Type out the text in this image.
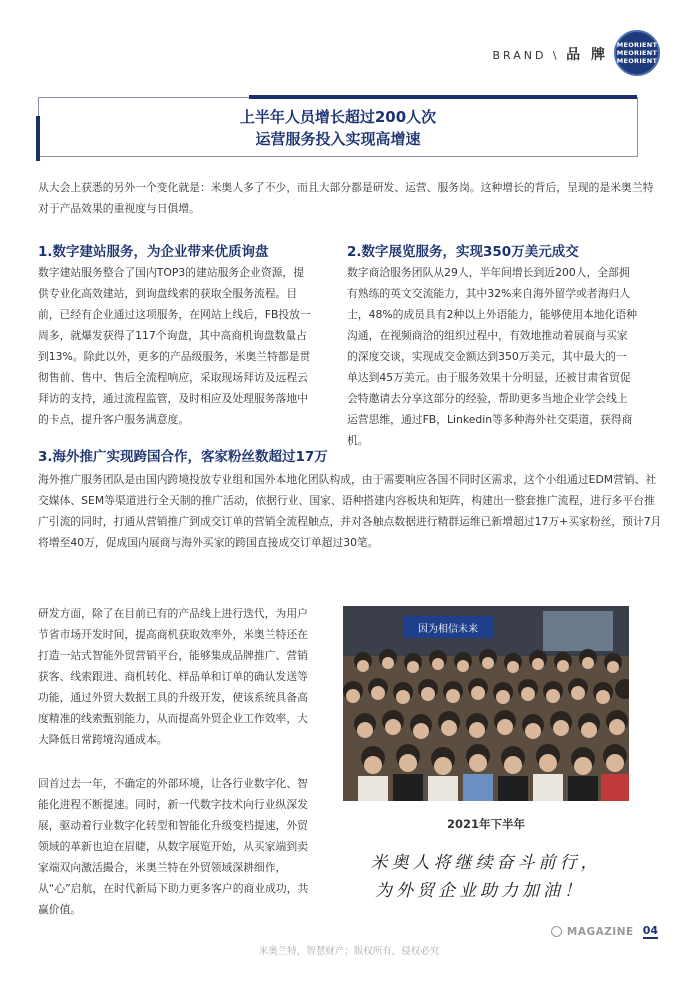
BRAND \ 品 牌
MEORIENT
MEORIENT
MEORIENT
上半年人员增长超过200人次
运营服务投入实现高增速
从大会上获悉的另外一个变化就是：米奥人多了不少，而且大部分都是研发、运营、服务岗。这种增长的背后，呈现的是米奥兰特对于产品效果的重视度与日俱增。
1.数字建站服务，为企业带来优质询盘
数字建站服务整合了国内TOP3的建站服务企业资源，提供专业化高效建站，到询盘线索的获取全服务流程。目前，已经有企业通过这项服务，在网站上线后，FB投放一周多，就爆发获得了117个询盘，其中高商机询盘数量占到13%。除此以外，更多的产品级服务，米奥兰特都是贯彻售前、售中、售后全流程响应，采取现场拜访及远程云拜访的支持，通过流程监管，及时相应及处理服务落地中的卡点，提升客户服务满意度。
2.数字展览服务，实现350万美元成交
数字商洽服务团队从29人，半年间增长到近200人，全部拥有熟练的英文交流能力，其中32%来自海外留学或者海归人士，48%的成员具有2种以上外语能力，能够使用本地化语种沟通，在视频商洽的组织过程中，有效地推动着展商与买家的深度交谈，实现成交金额达到350万美元，其中最大的一单达到45万美元。由于服务效果十分明显，还被甘肃省贸促会特邀请去分享这部分的经验，帮助更多当地企业学会线上运营思维，通过FB，Linkedin等多种海外社交渠道，获得商机。
3.海外推广实现跨国合作，客家粉丝数超过17万
海外推广服务团队是由国内跨境投放专业组和国外本地化团队构成，由于需要响应各国不同时区需求，这个小组通过EDM营销、社交媒体、SEM等渠道进行全天制的推广活动，依据行业、国家、语种搭建内容板块和矩阵，构建出一整套推广流程，进行多平台推广引流的同时，打通从营销推广到成交订单的营销全流程触点，并对各触点数据进行精群运维已新增超过17万+买家粉丝，预计7月将增至40万，促成国内展商与海外买家的跨国直接成交订单超过30笔。
研发方面，除了在目前已有的产品线上进行迭代，为用户节省市场开发时间，提高商机获取效率外，米奥兰特还在打造一站式智能外贸营销平台，能够集成品牌推广、营销获客、线索跟进、商机转化、样品单和订单的确认发送等功能，通过外贸大数据工具的升级开发，使该系统具备高度精准的线索甄别能力，从而提高外贸企业工作效率，大大降低日常跨境沟通成本。
回首过去一年，不确定的外部环境，让各行业数字化、智能化进程不断提速。同时，新一代数字技术向行业纵深发展，驱动着行业数字化转型和智能化升级变档提速，外贸领域的革新也迫在眉睫，从数字展览开始，从买家端到卖家端双向激活撮合，米奥兰特在外贸领域深耕细作，从“心”启航，在时代新局下助力更多客户的商业成功，共赢价值。
因为相信未来
2021年下半年
米奥人将继续奋斗前行，
为外贸企业助力加油！
MAGAZINE 04
米奥兰特，智慧财产；版权所有，侵权必究
